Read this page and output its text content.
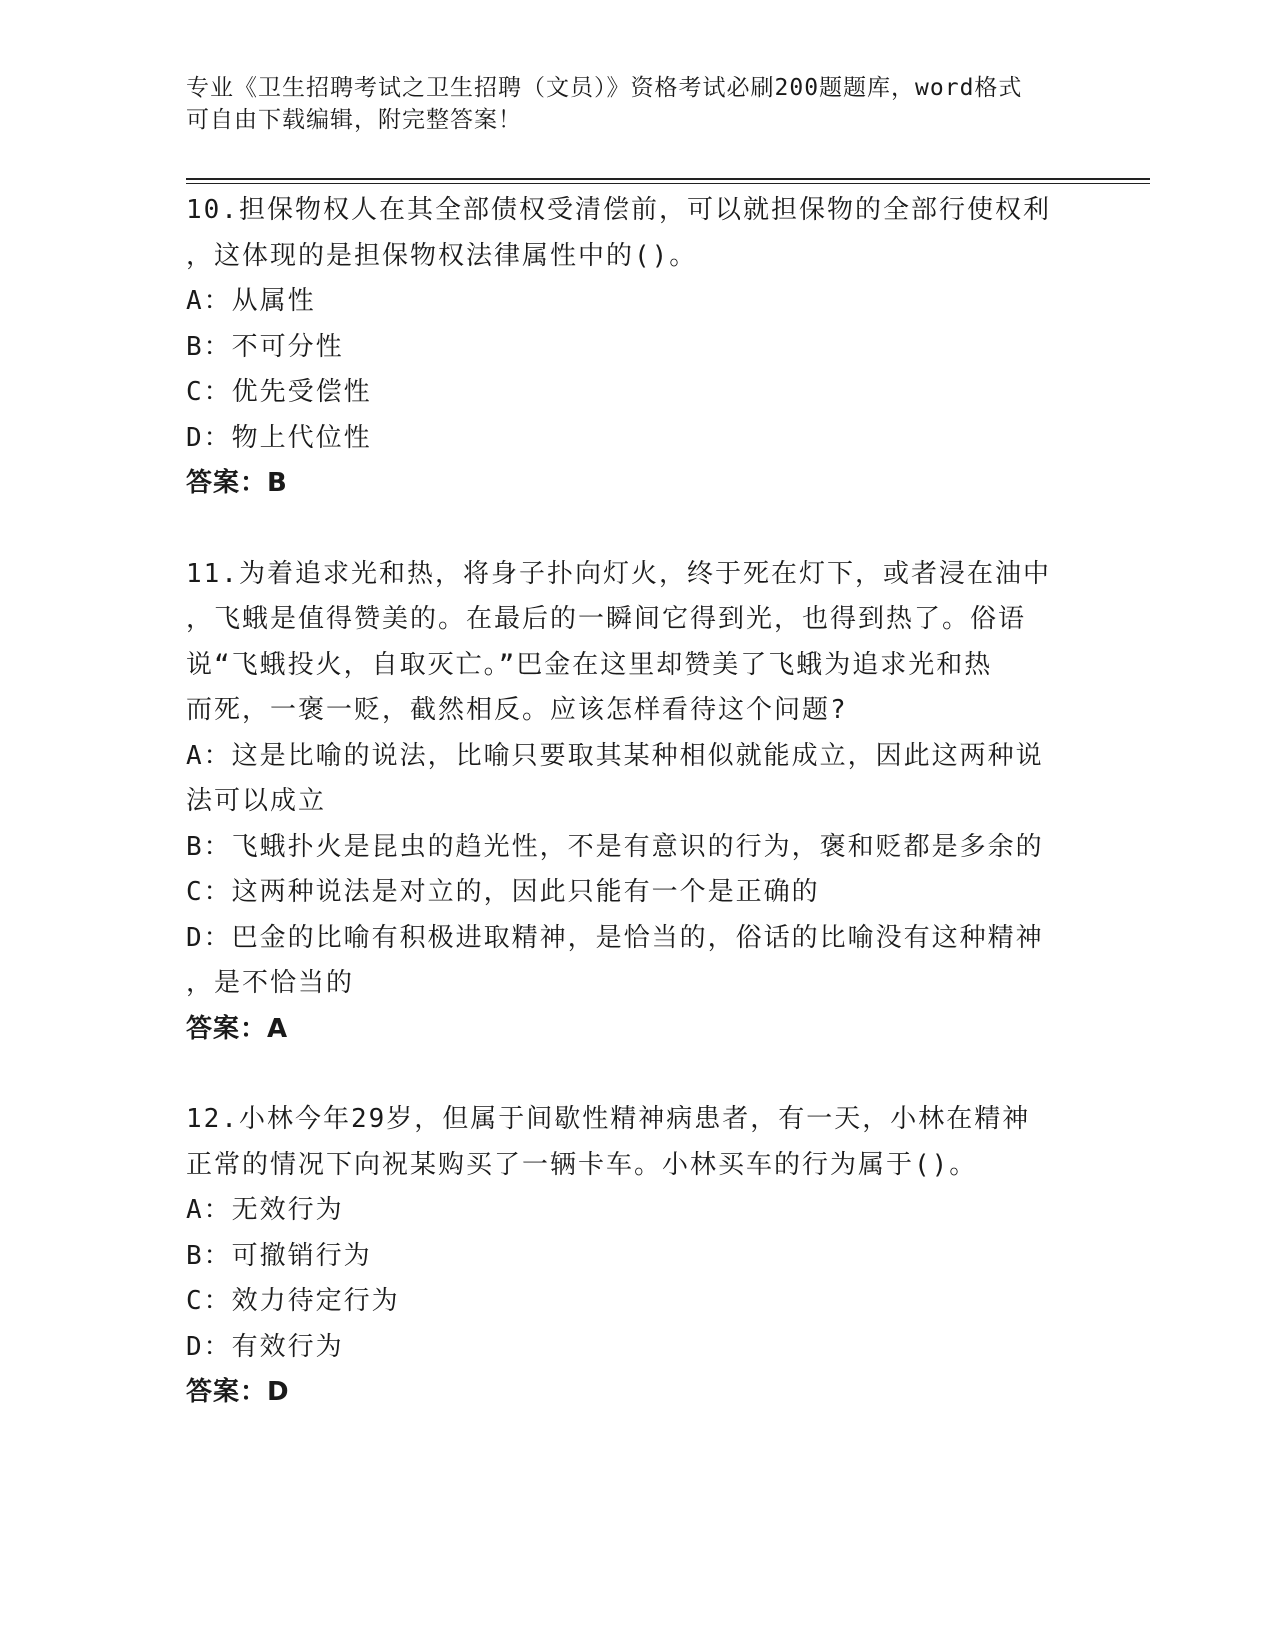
专业《卫生招聘考试之卫生招聘（文员）》资格考试必刷200题题库，word格式
可自由下载编辑，附完整答案！
10.担保物权人在其全部债权受清偿前，可以就担保物的全部行使权利
，这体现的是担保物权法律属性中的()。
A：从属性
B：不可分性
C：优先受偿性
D：物上代位性
答案：B
11.为着追求光和热，将身子扑向灯火，终于死在灯下，或者浸在油中
，飞蛾是值得赞美的。在最后的一瞬间它得到光，也得到热了。俗语
说“飞蛾投火，自取灭亡。”巴金在这里却赞美了飞蛾为追求光和热
而死，一褒一贬，截然相反。应该怎样看待这个问题?
A：这是比喻的说法，比喻只要取其某种相似就能成立，因此这两种说
法可以成立
B：飞蛾扑火是昆虫的趋光性，不是有意识的行为，褒和贬都是多余的
C：这两种说法是对立的，因此只能有一个是正确的
D：巴金的比喻有积极进取精神，是恰当的，俗话的比喻没有这种精神
，是不恰当的
答案：A
12.小林今年29岁，但属于间歇性精神病患者，有一天，小林在精神
正常的情况下向祝某购买了一辆卡车。小林买车的行为属于()。
A：无效行为
B：可撤销行为
C：效力待定行为
D：有效行为
答案：D
